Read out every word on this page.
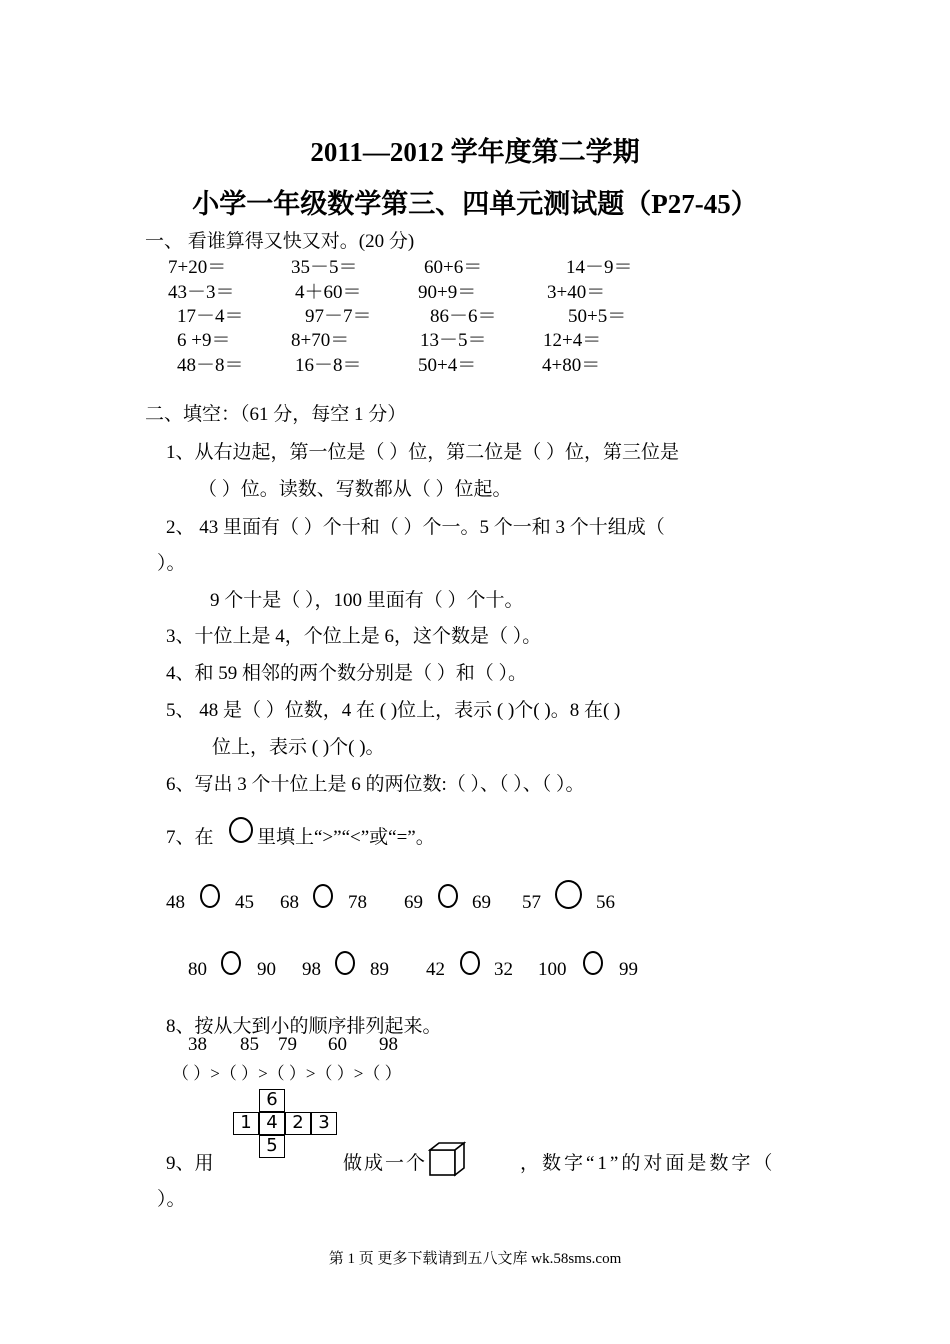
2011—2012 学年度第二学期
小学一年级数学第三、四单元测试题（P27-45）
一、 看谁算得又快又对。(20 分)
7+20＝	35－5＝	60+6＝	14－9＝
43－3＝	4＋60＝	90+9＝	3+40＝
17－4＝	97－7＝	86－6＝	50+5＝
6 +9＝	8+70＝	13－5＝	12+4＝
48－8＝	16－8＝	50+4＝	4+80＝
二、填空：（61 分，每空 1 分）
1、从右边起，第一位是（ ）位，第二位是（ ）位，第三位是
（ ）位。读数、写数都从（ ）位起。
2、 43 里面有（ ）个十和（ ）个一。5 个一和 3 个十组成（
）。
9 个十是（ ），100 里面有（ ）个十。
3、十位上是 4，个位上是 6，这个数是（ ）。
4、和 59 相邻的两个数分别是（ ）和（ ）。
5、 48 是（ ）位数，4 在 ( )位上，表示 ( )个( )。8 在( )
位上，表示 ( )个( )。
6、写出 3 个十位上是 6 的两位数:（ ）、（ ）、（ ）。
7、在 里填上“>”“<”或“=”。
48	45 68	78 69	69 57	56
80	90 98	89 42	32 100	99
8、按从大到小的顺序排列起来。
38 85 79 60 98
（ ）>（ ）>（ ）>（ ）>（ ）
6
1 4 2 3
5
9、用	做成一个	，数字“1”的对面是数字（
）。
第 1 页 更多下载请到五八文库 wk.58sms.com
